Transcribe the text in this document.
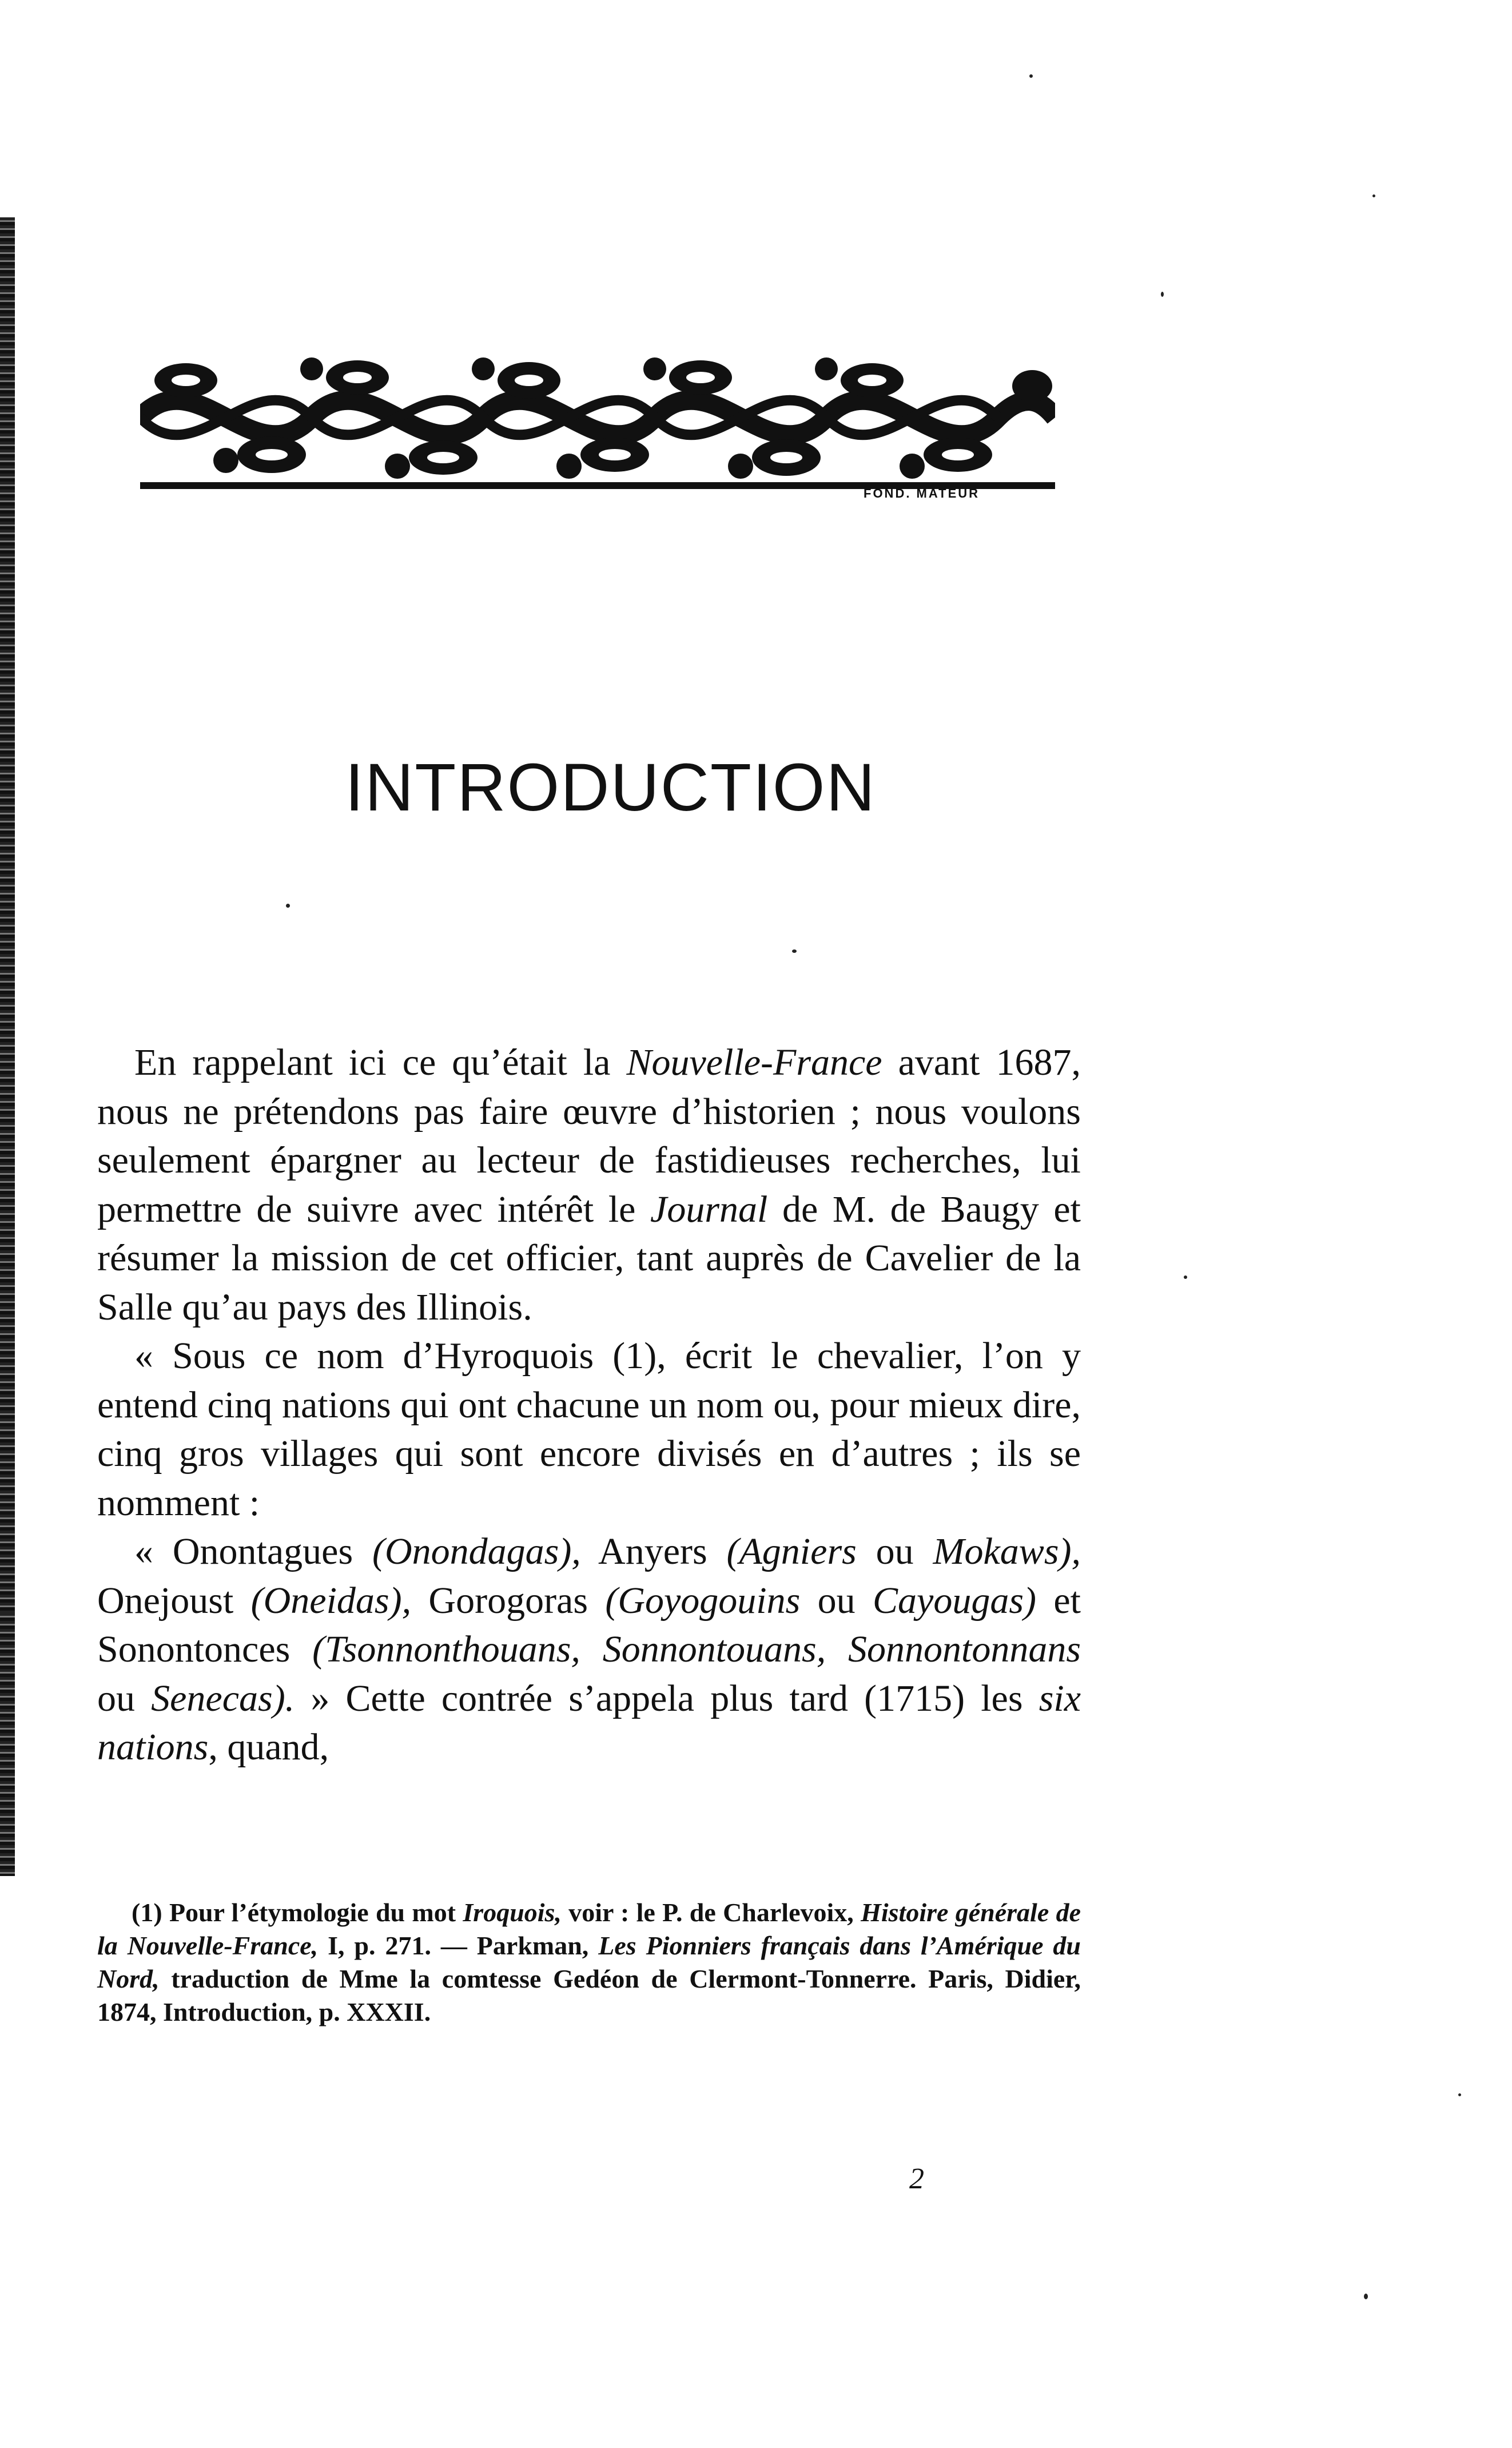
FOND. MATEUR
INTRODUCTION

En rappelant ici ce qu’était la Nouvelle-France avant 1687, nous ne prétendons pas faire œuvre d’historien ; nous voulons seulement épargner au lecteur de fastidieuses recherches, lui permettre de suivre avec intérêt le Journal de M. de Baugy et résumer la mission de cet officier, tant auprès de Cavelier de la Salle qu’au pays des Illinois.

« Sous ce nom d’Hyroquois (1), écrit le chevalier, l’on y entend cinq nations qui ont chacune un nom ou, pour mieux dire, cinq gros villages qui sont encore divisés en d’autres ; ils se nomment :

« Onontagues (Onondagas), Anyers (Agniers ou Mokaws), Onejoust (Oneidas), Gorogoras (Goyogouins ou Cayougas) et Sonontonces (Tsonnonthouans, Sonnontouans, Sonnontonnans ou Senecas). » Cette contrée s’appela plus tard (1715) les six nations, quand,

(1) Pour l’étymologie du mot Iroquois, voir : le P. de Charlevoix, Histoire générale de la Nouvelle-France, I, p. 271. — Parkman, Les Pionniers français dans l’Amérique du Nord, traduction de Mme la comtesse Gedéon de Clermont-Tonnerre. Paris, Didier, 1874, Introduction, p. XXXII.

2
